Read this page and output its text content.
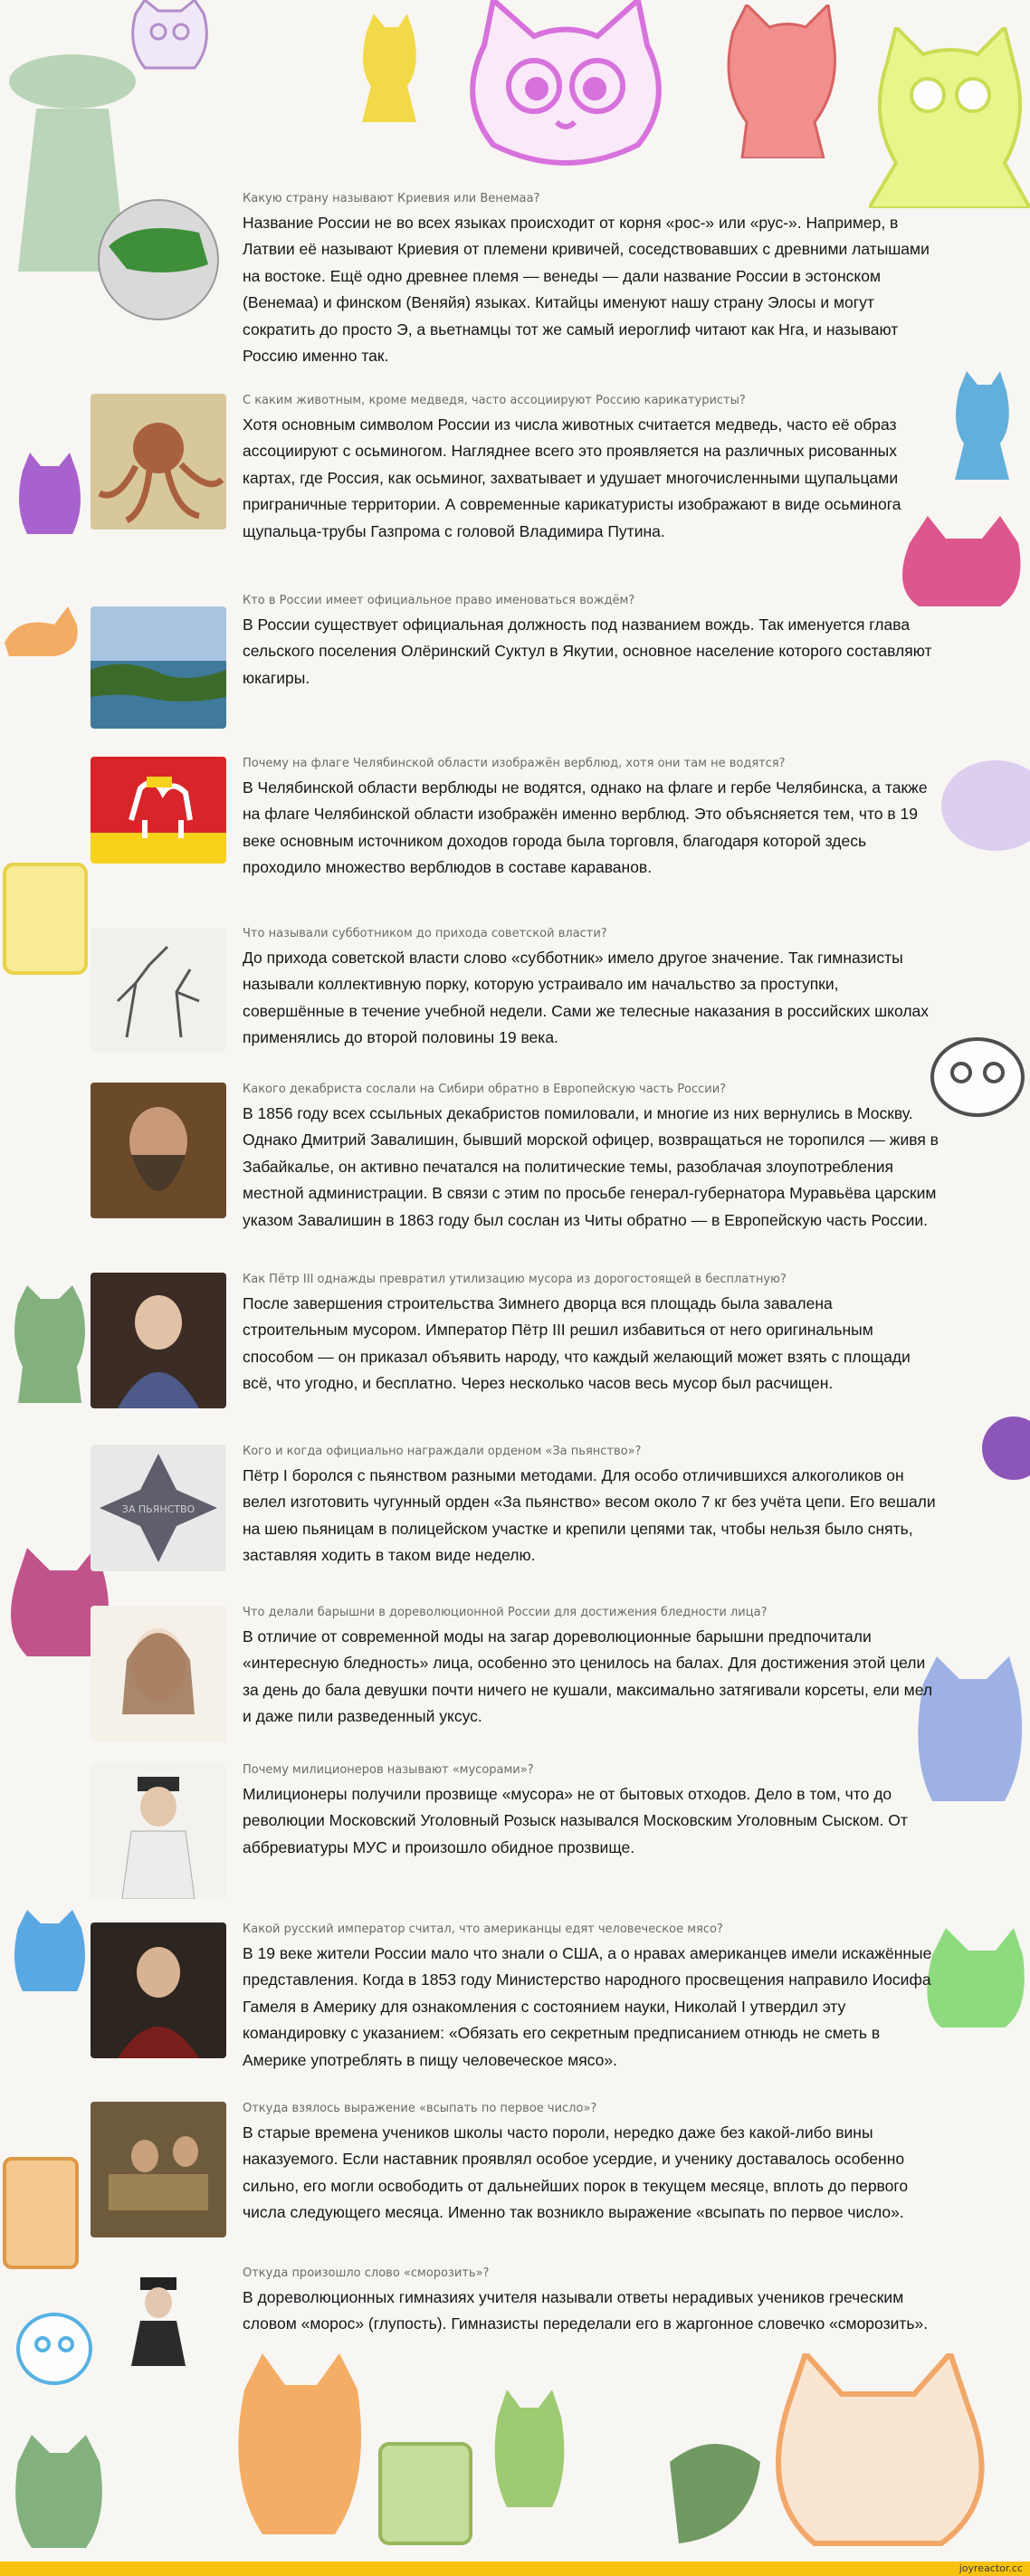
Какую страну называют Криевия или Венемаа?

Название России не во всех языках происходит от корня «рос-» или «рус-». Например, в Латвии её называют Криевия от племени кривичей, соседствовавших с древними латышами на востоке. Ещё одно древнее племя — венеды — дали название России в эстонском (Венемаа) и финском (Веняйя) языках. Китайцы именуют нашу страну Элосы и могут сократить до просто Э, а вьетнамцы тот же самый иероглиф читают как Нга, и называют Россию именно так.

С каким животным, кроме медведя, часто ассоциируют Россию карикатуристы?

Хотя основным символом России из числа животных считается медведь, часто её образ ассоциируют с осьминогом. Нагляднее всего это проявляется на различных рисованных картах, где Россия, как осьминог, захватывает и удушает многочисленными щупальцами приграничные территории. А современные карикатуристы изображают в виде осьминога щупальца-трубы Газпрома с головой Владимира Путина.

Кто в России имеет официальное право именоваться вождём?

В России существует официальная должность под названием вождь. Так именуется глава сельского поселения Олёринский Суктул в Якутии, основное население которого составляют юкагиры.

Почему на флаге Челябинской области изображён верблюд, хотя они там не водятся?

В Челябинской области верблюды не водятся, однако на флаге и гербе Челябинска, а также на флаге Челябинской области изображён именно верблюд. Это объясняется тем, что в 19 веке основным источником доходов города была торговля, благодаря которой здесь проходило множество верблюдов в составе караванов.

Что называли субботником до прихода советской власти?

До прихода советской власти слово «субботник» имело другое значение. Так гимназисты называли коллективную порку, которую устраивало им начальство за проступки, совершённые в течение учебной недели. Сами же телесные наказания в российских школах применялись до второй половины 19 века.

Какого декабриста сослали на Сибири обратно в Европейскую часть России?

В 1856 году всех ссыльных декабристов помиловали, и многие из них вернулись в Москву. Однако Дмитрий Завалишин, бывший морской офицер, возвращаться не торопился — живя в Забайкалье, он активно печатался на политические темы, разоблачая злоупотребления местной администрации. В связи с этим по просьбе генерал-губернатора Муравьёва царским указом Завалишин в 1863 году был сослан из Читы обратно — в Европейскую часть России.

Как Пётр III однажды превратил утилизацию мусора из дорогостоящей в бесплатную?

После завершения строительства Зимнего дворца вся площадь была завалена строительным мусором. Император Пётр III решил избавиться от него оригинальным способом — он приказал объявить народу, что каждый желающий может взять с площади всё, что угодно, и бесплатно. Через несколько часов весь мусор был расчищен.

ЗА ПЬЯНСТВО

Кого и когда официально награждали орденом «За пьянство»?

Пётр I боролся с пьянством разными методами. Для особо отличившихся алкоголиков он велел изготовить чугунный орден «За пьянство» весом около 7 кг без учёта цепи. Его вешали на шею пьяницам в полицейском участке и крепили цепями так, чтобы нельзя было снять, заставляя ходить в таком виде неделю.

Что делали барышни в дореволюционной России для достижения бледности лица?

В отличие от современной моды на загар дореволюционные барышни предпочитали «интересную бледность» лица, особенно это ценилось на балах. Для достижения этой цели за день до бала девушки почти ничего не кушали, максимально затягивали корсеты, ели мел и даже пили разведенный уксус.

Почему милиционеров называют «мусорами»?

Милиционеры получили прозвище «мусора» не от бытовых отходов. Дело в том, что до революции Московский Уголовный Розыск назывался Московским Уголовным Сыском. От аббревиатуры МУС и произошло обидное прозвище.

Какой русский император считал, что американцы едят человеческое мясо?

В 19 веке жители России мало что знали о США, а о нравах американцев имели искажённые представления. Когда в 1853 году Министерство народного просвещения направило Иосифа Гамеля в Америку для ознакомления с состоянием науки, Николай I утвердил эту командировку с указанием: «Обязать его секретным предписанием отнюдь не сметь в Америке употреблять в пищу человеческое мясо».

Откуда взялось выражение «всыпать по первое число»?

В старые времена учеников школы часто пороли, нередко даже без какой-либо вины наказуемого. Если наставник проявлял особое усердие, и ученику доставалось особенно сильно, его могли освободить от дальнейших порок в текущем месяце, вплоть до первого числа следующего месяца. Именно так возникло выражение «всыпать по первое число».

Откуда произошло слово «сморозить»?

В дореволюционных гимназиях учителя называли ответы нерадивых учеников греческим словом «морос» (глупость). Гимназисты переделали его в жаргонное словечко «сморозить».

joyreactor.cc
